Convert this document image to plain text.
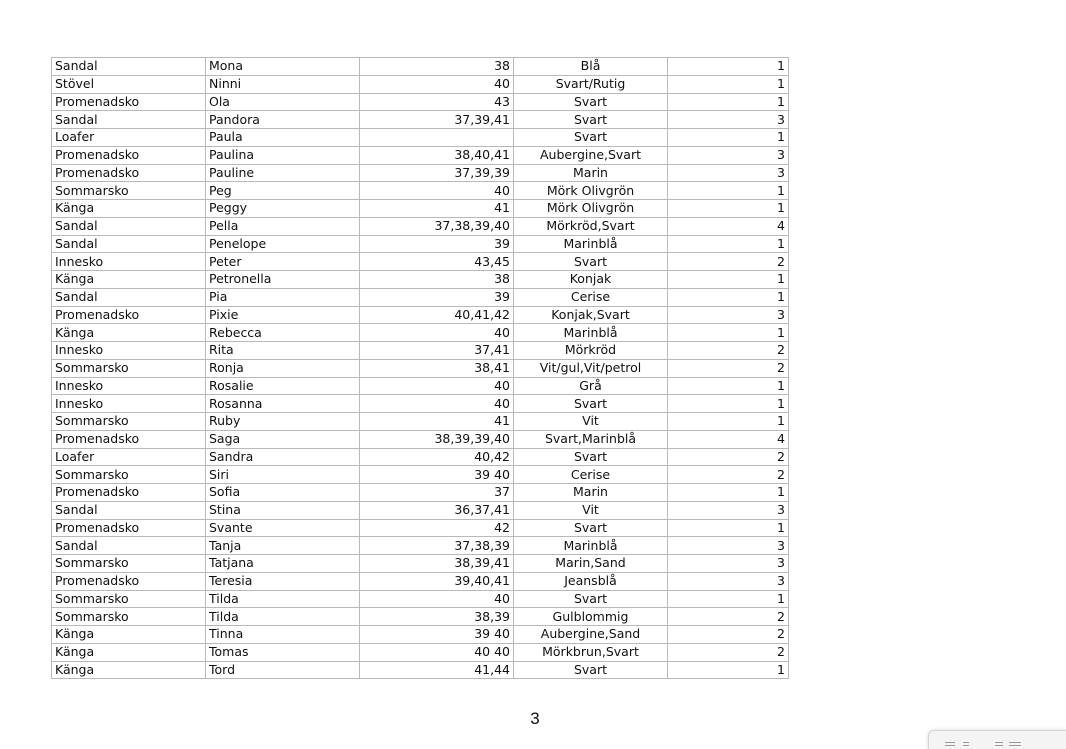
Sandal	Mona	38	Blå	1
Stövel	Ninni	40	Svart/Rutig	1
Promenadsko	Ola	43	Svart	1
Sandal	Pandora	37,39,41	Svart	3
Loafer	Paula		Svart	1
Promenadsko	Paulina	38,40,41	Aubergine,Svart	3
Promenadsko	Pauline	37,39,39	Marin	3
Sommarsko	Peg	40	Mörk Olivgrön	1
Känga	Peggy	41	Mörk Olivgrön	1
Sandal	Pella	37,38,39,40	Mörkröd,Svart	4
Sandal	Penelope	39	Marinblå	1
Innesko	Peter	43,45	Svart	2
Känga	Petronella	38	Konjak	1
Sandal	Pia	39	Cerise	1
Promenadsko	Pixie	40,41,42	Konjak,Svart	3
Känga	Rebecca	40	Marinblå	1
Innesko	Rita	37,41	Mörkröd	2
Sommarsko	Ronja	38,41	Vit/gul,Vit/petrol	2
Innesko	Rosalie	40	Grå	1
Innesko	Rosanna	40	Svart	1
Sommarsko	Ruby	41	Vit	1
Promenadsko	Saga	38,39,39,40	Svart,Marinblå	4
Loafer	Sandra	40,42	Svart	2
Sommarsko	Siri	39 40	Cerise	2
Promenadsko	Sofia	37	Marin	1
Sandal	Stina	36,37,41	Vit	3
Promenadsko	Svante	42	Svart	1
Sandal	Tanja	37,38,39	Marinblå	3
Sommarsko	Tatjana	38,39,41	Marin,Sand	3
Promenadsko	Teresia	39,40,41	Jeansblå	3
Sommarsko	Tilda	40	Svart	1
Sommarsko	Tilda	38,39	Gulblommig	2
Känga	Tinna	39 40	Aubergine,Sand	2
Känga	Tomas	40 40	Mörkbrun,Svart	2
Känga	Tord	41,44	Svart	1
3
